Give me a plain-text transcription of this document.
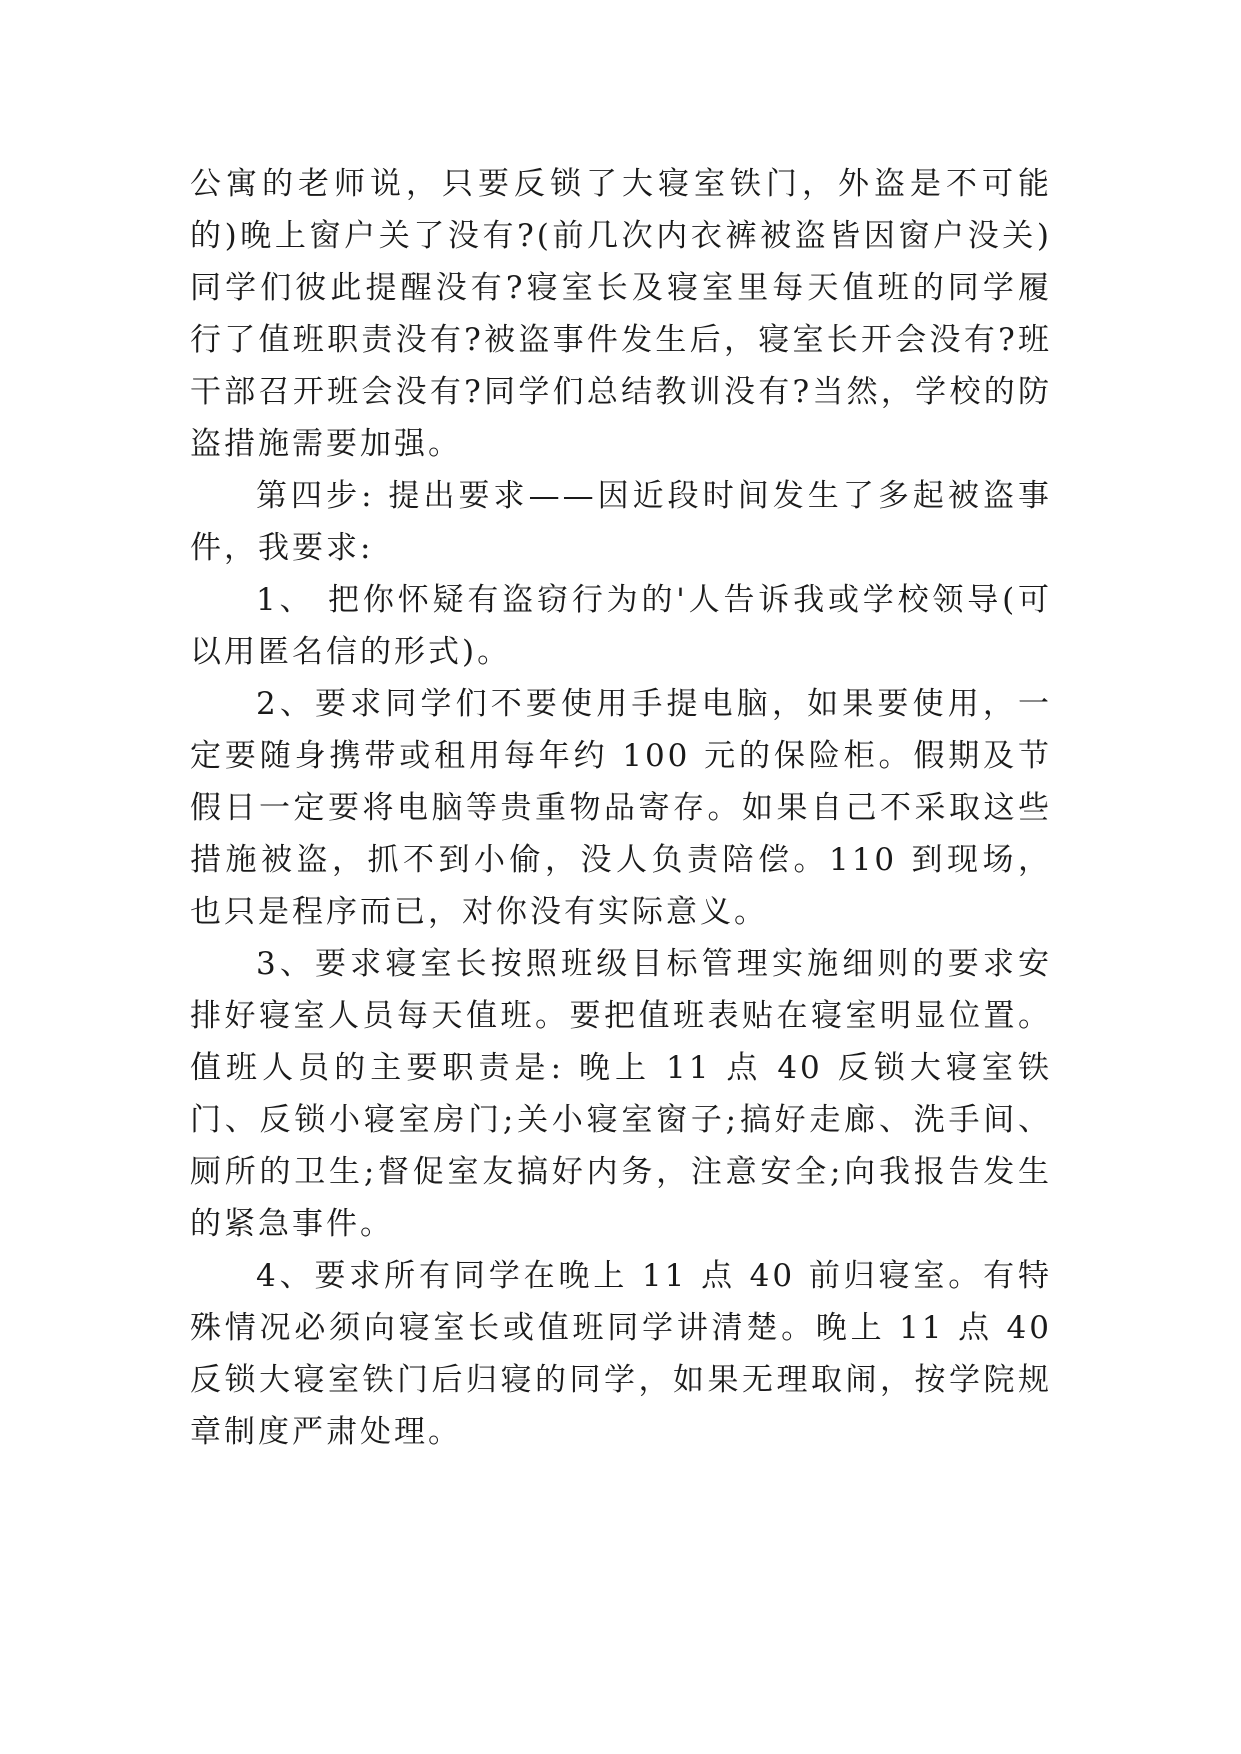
公寓的老师说，只要反锁了大寝室铁门，外盗是不可能的)晚上窗户关了没有?(前几次内衣裤被盗皆因窗户没关)同学们彼此提醒没有?寝室长及寝室里每天值班的同学履行了值班职责没有?被盗事件发生后，寝室长开会没有?班干部召开班会没有?同学们总结教训没有?当然，学校的防盗措施需要加强。

第四步: 提出要求——因近段时间发生了多起被盗事件，我要求:

1、 把你怀疑有盗窃行为的'人告诉我或学校领导(可以用匿名信的形式)。

2、要求同学们不要使用手提电脑，如果要使用，一定要随身携带或租用每年约 100 元的保险柜。假期及节假日一定要将电脑等贵重物品寄存。如果自己不采取这些措施被盗，抓不到小偷，没人负责陪偿。110 到现场，也只是程序而已，对你没有实际意义。

3、要求寝室长按照班级目标管理实施细则的要求安排好寝室人员每天值班。要把值班表贴在寝室明显位置。值班人员的主要职责是: 晚上 11 点 40 反锁大寝室铁门、反锁小寝室房门;关小寝室窗子;搞好走廊、洗手间、厕所的卫生;督促室友搞好内务，注意安全;向我报告发生的紧急事件。

4、要求所有同学在晚上 11 点 40 前归寝室。有特殊情况必须向寝室长或值班同学讲清楚。晚上 11 点 40 反锁大寝室铁门后归寝的同学，如果无理取闹，按学院规章制度严肃处理。
